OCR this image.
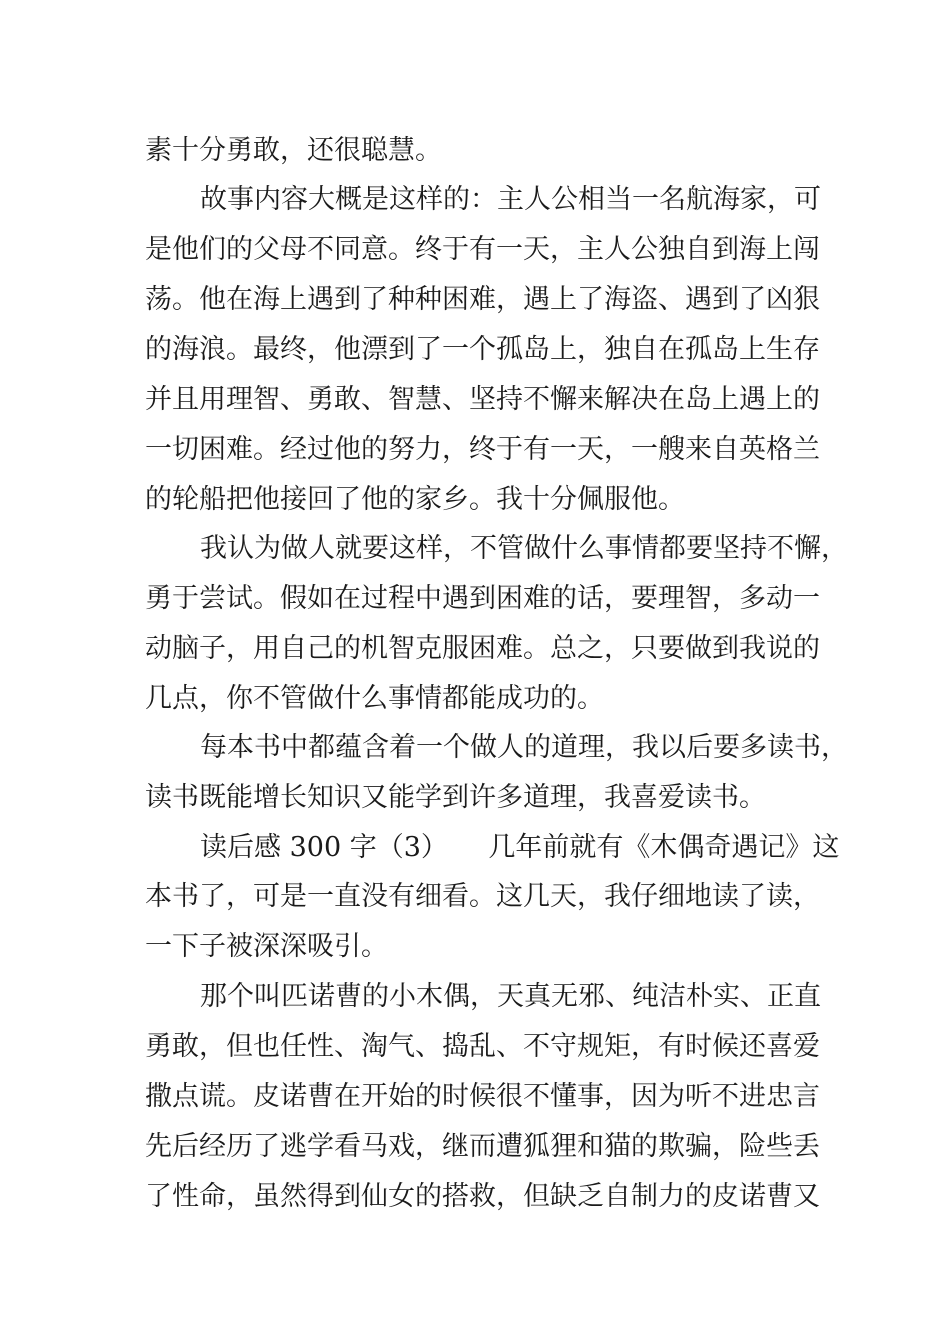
素十分勇敢，还很聪慧。
故事内容大概是这样的：主人公相当一名航海家，可
是他们的父母不同意。终于有一天，主人公独自到海上闯
荡。他在海上遇到了种种困难，遇上了海盗、遇到了凶狠
的海浪。最终，他漂到了一个孤岛上，独自在孤岛上生存
并且用理智、勇敢、智慧、坚持不懈来解决在岛上遇上的
一切困难。经过他的努力，终于有一天，一艘来自英格兰
的轮船把他接回了他的家乡。我十分佩服他。
我认为做人就要这样，不管做什么事情都要坚持不懈，
勇于尝试。假如在过程中遇到困难的话，要理智，多动一
动脑子，用自己的机智克服困难。总之，只要做到我说的
几点，你不管做什么事情都能成功的。
每本书中都蕴含着一个做人的道理，我以后要多读书，
读书既能增长知识又能学到许多道理，我喜爱读书。
读后感 300 字（3）　　几年前就有《木偶奇遇记》这
本书了，可是一直没有细看。这几天，我仔细地读了读，
一下子被深深吸引。
那个叫匹诺曹的小木偶，天真无邪、纯洁朴实、正直
勇敢，但也任性、淘气、捣乱、不守规矩，有时候还喜爱
撒点谎。皮诺曹在开始的时候很不懂事，因为听不进忠言
先后经历了逃学看马戏，继而遭狐狸和猫的欺骗，险些丢
了性命，虽然得到仙女的搭救，但缺乏自制力的皮诺曹又
